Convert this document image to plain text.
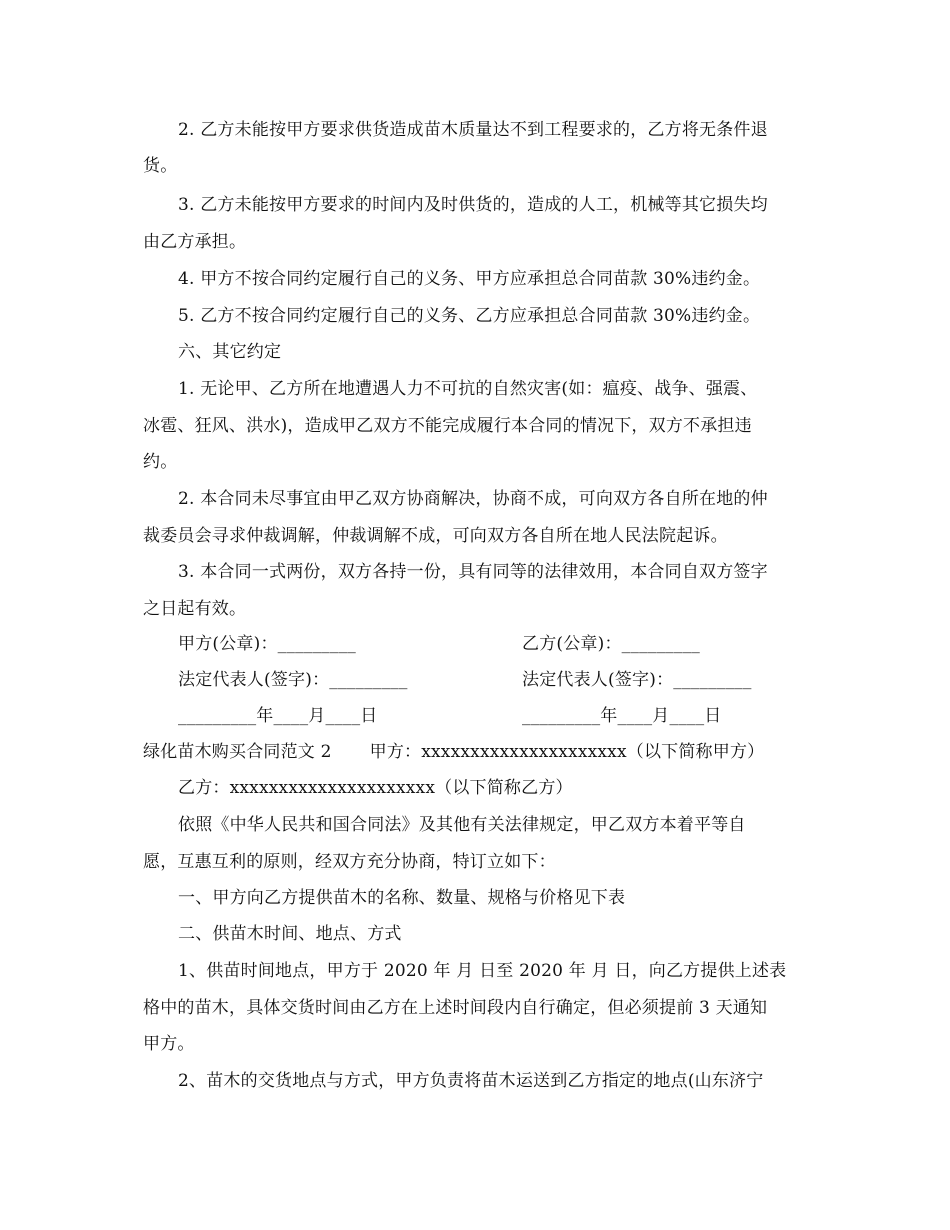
2. 乙方未能按甲方要求供货造成苗木质量达不到工程要求的，乙方将无条件退
货。
3. 乙方未能按甲方要求的时间内及时供货的，造成的人工，机械等其它损失均
由乙方承担。
4. 甲方不按合同约定履行自己的义务、甲方应承担总合同苗款 30%违约金。
5. 乙方不按合同约定履行自己的义务、乙方应承担总合同苗款 30%违约金。
六、其它约定
1. 无论甲、乙方所在地遭遇人力不可抗的自然灾害(如：瘟疫、战争、强震、
冰雹、狂风、洪水)，造成甲乙双方不能完成履行本合同的情况下，双方不承担违
约。
2. 本合同未尽事宜由甲乙双方协商解决，协商不成，可向双方各自所在地的仲
裁委员会寻求仲裁调解，仲裁调解不成，可向双方各自所在地人民法院起诉。
3. 本合同一式两份，双方各持一份，具有同等的法律效用，本合同自双方签字
之日起有效。
甲方(公章)：_________	乙方(公章)：_________
法定代表人(签字)：_________	法定代表人(签字)：_________
_________年____月____日	_________年____月____日
绿化苗木购买合同范文 2 甲方：xxxxxxxxxxxxxxxxxxxxx（以下简称甲方）
乙方：xxxxxxxxxxxxxxxxxxxxx（以下简称乙方）
依照《中华人民共和国合同法》及其他有关法律规定，甲乙双方本着平等自
愿，互惠互利的原则，经双方充分协商，特订立如下：
一、甲方向乙方提供苗木的名称、数量、规格与价格见下表
二、供苗木时间、地点、方式
1、供苗时间地点，甲方于 2020 年 月 日至 2020 年 月 日，向乙方提供上述表
格中的苗木，具体交货时间由乙方在上述时间段内自行确定，但必须提前 3 天通知
甲方。
2、苗木的交货地点与方式，甲方负责将苗木运送到乙方指定的地点(山东济宁
